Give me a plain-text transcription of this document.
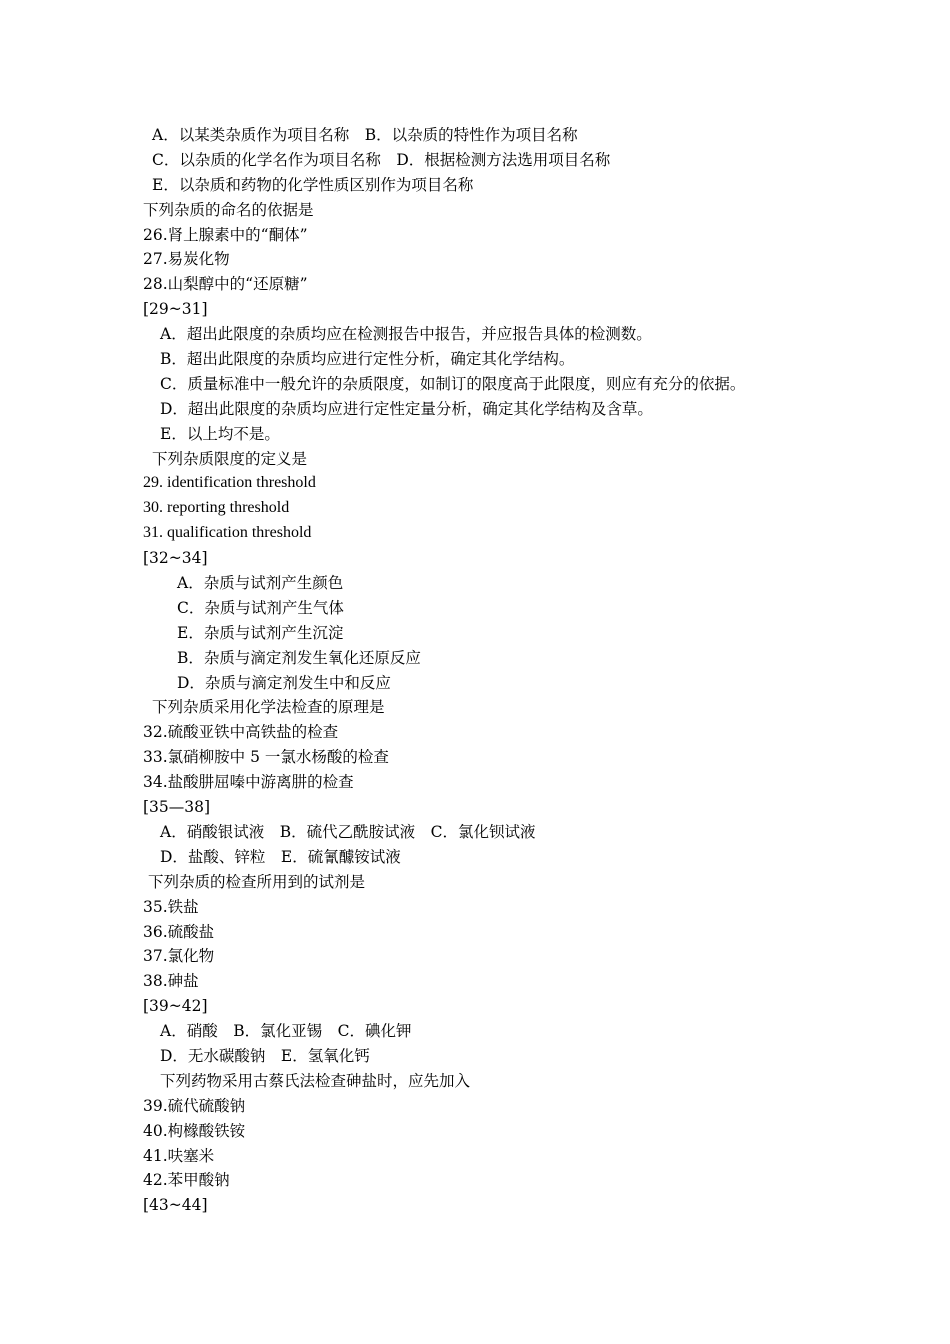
A．以某类杂质作为项目名称　B．以杂质的特性作为项目名称
C．以杂质的化学名作为项目名称　D．根据检测方法选用项目名称
E．以杂质和药物的化学性质区别作为项目名称
下列杂质的命名的依据是
26.肾上腺素中的“酮体”
27.易炭化物
28.山梨醇中的“还原糖”
[29~31]
A．超出此限度的杂质均应在检测报告中报告，并应报告具体的检测数。
B．超出此限度的杂质均应进行定性分析，确定其化学结构。
C．质量标准中一般允许的杂质限度，如制订的限度高于此限度，则应有充分的依据。
D．超出此限度的杂质均应进行定性定量分析，确定其化学结构及含草。
E．以上均不是。
下列杂质限度的定义是
29. identification threshold
30. reporting threshold
31. qualification threshold
[32~34]
A．杂质与试剂产生颜色
C．杂质与试剂产生气体
E．杂质与试剂产生沉淀
B．杂质与滴定剂发生氧化还原反应
D．杂质与滴定剂发生中和反应
下列杂质采用化学法检查的原理是
32.硫酸亚铁中高铁盐的检查
33.氯硝柳胺中 5 一氯水杨酸的检查
34.盐酸肼屈嗪中游离肼的检查
[35—38]
A．硝酸银试液　B．硫代乙酰胺试液　C．氯化钡试液
D．盐酸、锌粒　E．硫氰醵铵试液
下列杂质的检查所用到的试剂是
35.铁盐
36.硫酸盐
37.氯化物
38.砷盐
[39~42]
A．硝酸　B．氯化亚锡　C．碘化钾
D．无水碳酸钠　E．氢氧化钙
下列药物采用古蔡氏法检查砷盐时，应先加入
39.硫代硫酸钠
40.枸橼酸铁铵
41.呋塞米
42.苯甲酸钠
[43~44]
